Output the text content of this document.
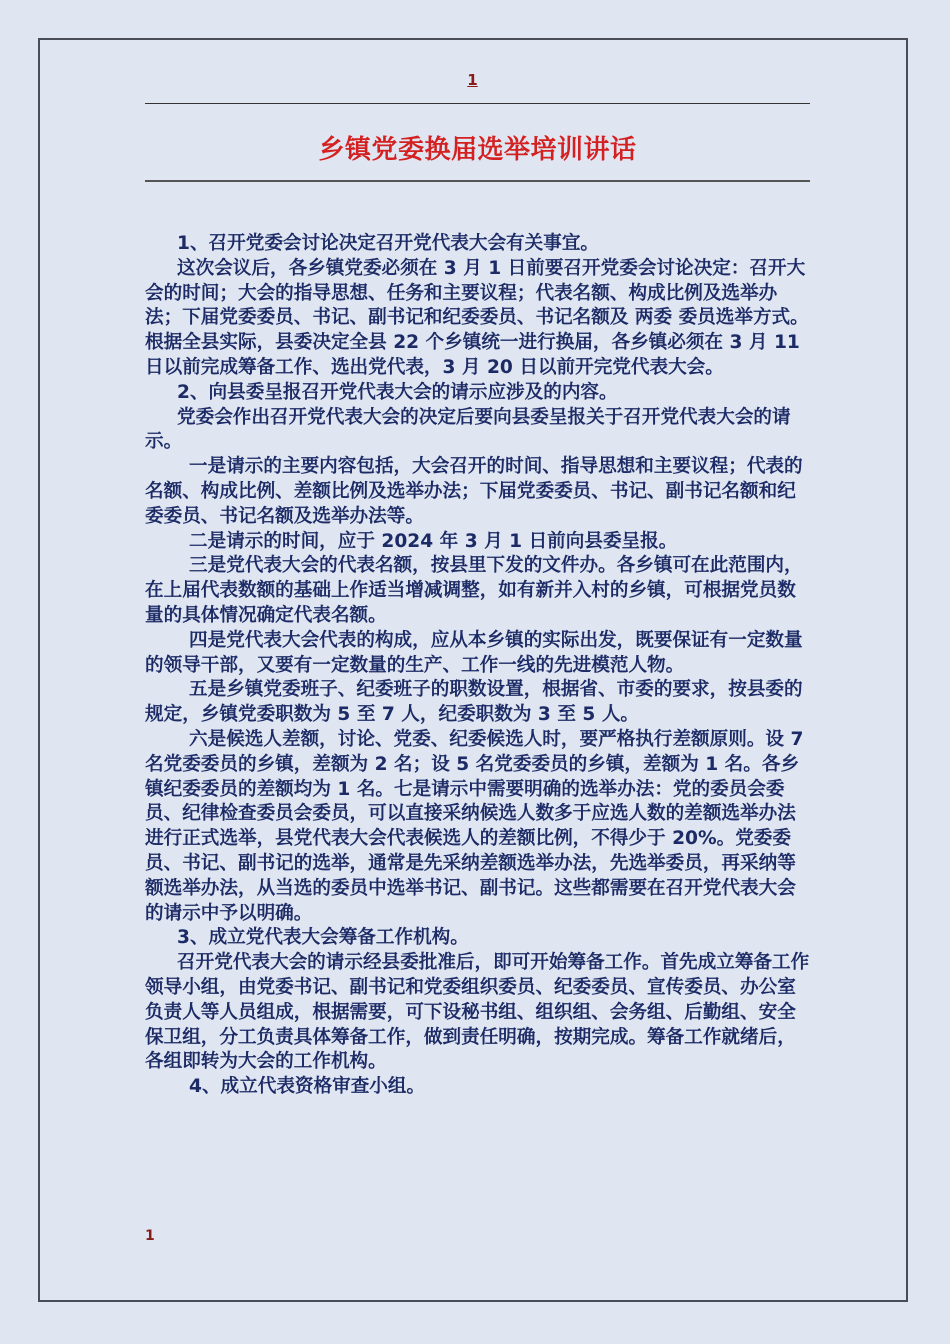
1
乡镇党委换届选举培训讲话

1、召开党委会讨论决定召开党代表大会有关事宜。

这次会议后，各乡镇党委必须在 3 月 1 日前要召开党委会讨论决定：召开大会的时间；大会的指导思想、任务和主要议程；代表名额、构成比例及选举办法；下届党委委员、书记、副书记和纪委委员、书记名额及 两委 委员选举方式。根据全县实际，县委决定全县 22 个乡镇统一进行换届，各乡镇必须在 3 月 11 日以前完成筹备工作、选出党代表，3 月 20 日以前开完党代表大会。

2、向县委呈报召开党代表大会的请示应涉及的内容。

党委会作出召开党代表大会的决定后要向县委呈报关于召开党代表大会的请示。

一是请示的主要内容包括，大会召开的时间、指导思想和主要议程；代表的名额、构成比例、差额比例及选举办法；下届党委委员、书记、副书记名额和纪委委员、书记名额及选举办法等。

二是请示的时间，应于 2024 年 3 月 1 日前向县委呈报。

三是党代表大会的代表名额，按县里下发的文件办。各乡镇可在此范围内，在上届代表数额的基础上作适当增减调整，如有新并入村的乡镇，可根据党员数量的具体情况确定代表名额。

四是党代表大会代表的构成，应从本乡镇的实际出发，既要保证有一定数量的领导干部，又要有一定数量的生产、工作一线的先进模范人物。

五是乡镇党委班子、纪委班子的职数设置，根据省、市委的要求，按县委的规定，乡镇党委职数为 5 至 7 人，纪委职数为 3 至 5 人。

六是候选人差额，讨论、党委、纪委候选人时，要严格执行差额原则。设 7 名党委委员的乡镇，差额为 2 名；设 5 名党委委员的乡镇，差额为 1 名。各乡镇纪委委员的差额均为 1 名。七是请示中需要明确的选举办法：党的委员会委员、纪律检查委员会委员，可以直接采纳候选人数多于应选人数的差额选举办法进行正式选举，县党代表大会代表候选人的差额比例，不得少于 20%。党委委员、书记、副书记的选举，通常是先采纳差额选举办法，先选举委员，再采纳等额选举办法，从当选的委员中选举书记、副书记。这些都需要在召开党代表大会的请示中予以明确。

3、成立党代表大会筹备工作机构。

召开党代表大会的请示经县委批准后，即可开始筹备工作。首先成立筹备工作领导小组，由党委书记、副书记和党委组织委员、纪委委员、宣传委员、办公室负责人等人员组成，根据需要，可下设秘书组、组织组、会务组、后勤组、安全保卫组，分工负责具体筹备工作，做到责任明确，按期完成。筹备工作就绪后，各组即转为大会的工作机构。

4、成立代表资格审查小组。

1
